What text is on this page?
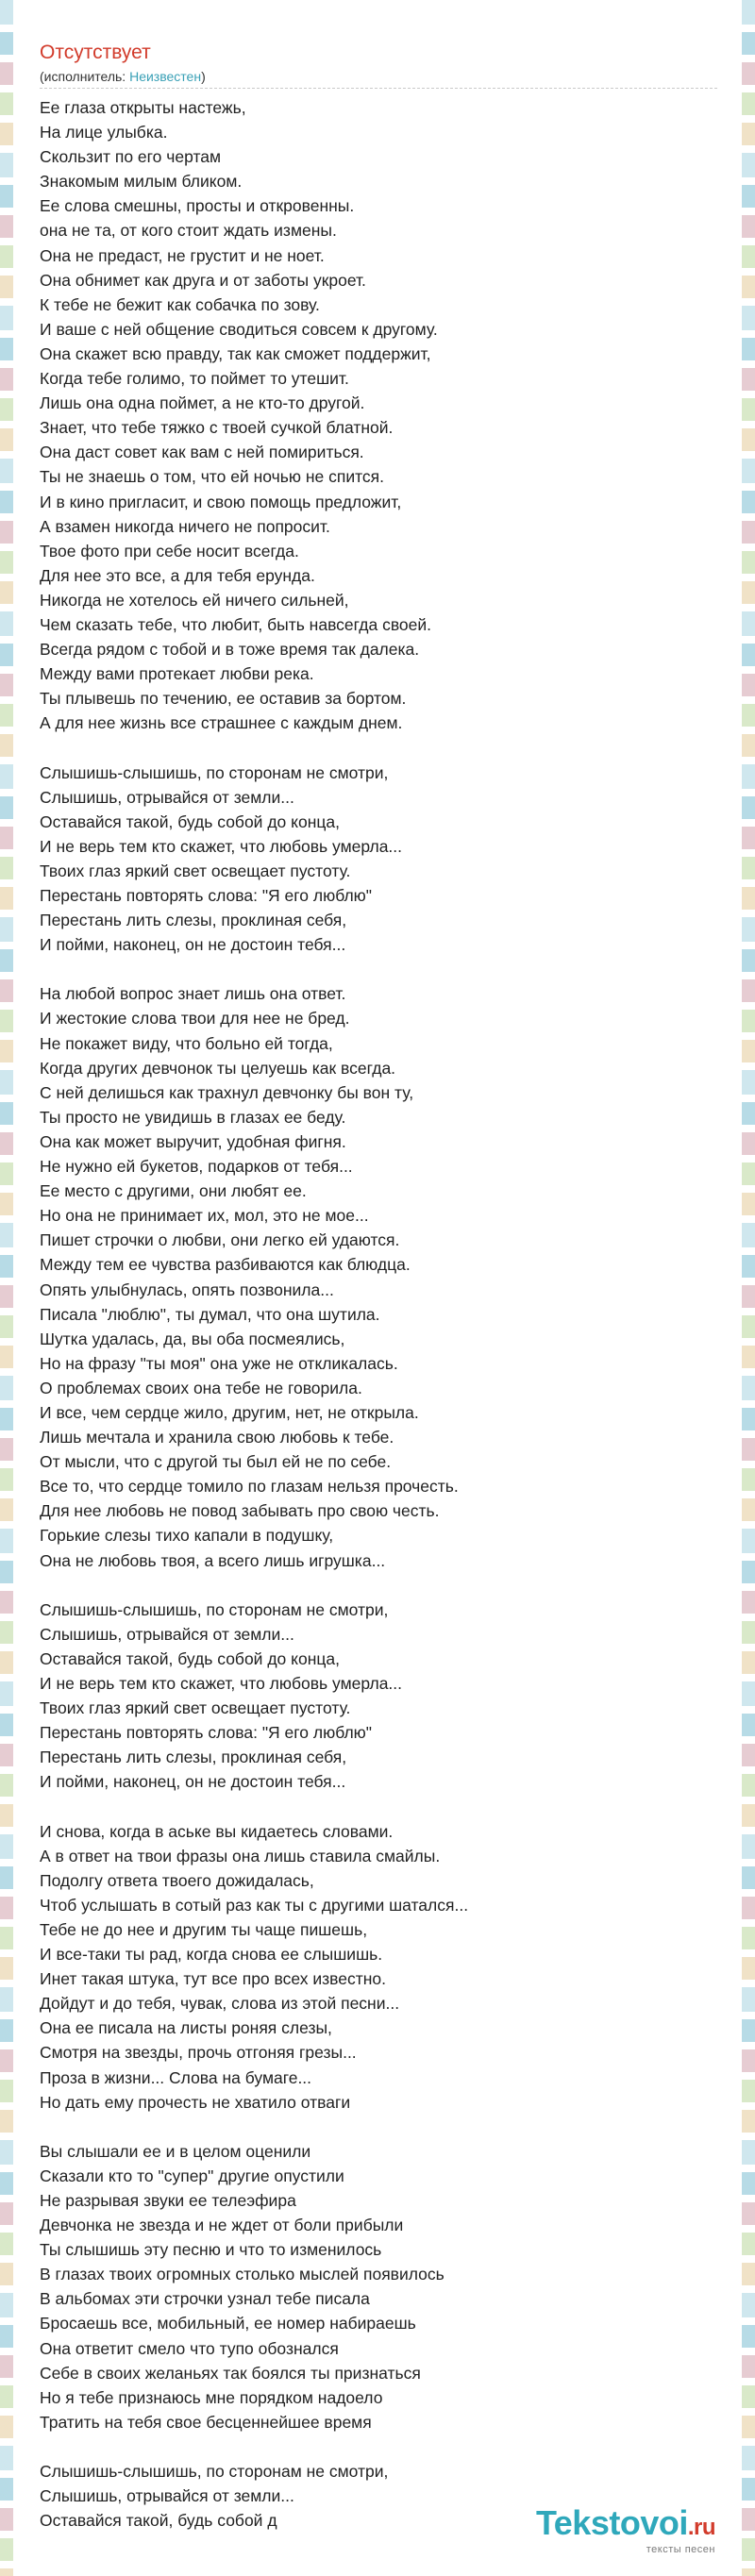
Отсутствует
(исполнитель: Неизвестен)
Ее глаза открыты настежь,
На лице улыбка.
Скользит по его чертам
Знакомым милым бликом.
Ее слова смешны, просты и откровенны.
она не та, от кого стоит ждать измены.
Она не предаст, не грустит и не ноет.
Она обнимет как друга и от заботы укроет.
К тебе не бежит как собачка по зову.
И ваше с ней общение сводиться совсем к другому.
Она скажет всю правду, так как сможет поддержит,
Когда тебе голимо, то поймет то утешит.
Лишь она одна поймет, а не кто-то другой.
Знает, что тебе тяжко с твоей сучкой блатной.
Она даст совет как вам с ней помириться.
Ты не знаешь о том, что ей ночью не спится.
И в кино пригласит, и свою помощь предложит,
А взамен никогда ничего не попросит.
Твое фото при себе носит всегда.
Для нее это все, а для тебя ерунда.
Никогда не хотелось ей ничего сильней,
Чем сказать тебе, что любит, быть навсегда своей.
Всегда рядом с тобой и в тоже время так далека.
Между вами протекает любви река.
Ты плывешь по течению, ее оставив за бортом.
А для нее жизнь все страшнее с каждым днем.

Слышишь-слышишь, по сторонам не смотри,
Слышишь, отрывайся от земли...
Оставайся такой, будь собой до конца,
И не верь тем кто скажет, что любовь умерла...
Твоих глаз яркий свет освещает пустоту.
Перестань повторять слова: "Я его люблю"
Перестань лить слезы, проклиная себя,
И пойми, наконец, он не достоин тебя...

На любой вопрос знает лишь она ответ.
И жестокие слова твои для нее не бред.
Не покажет виду, что больно ей тогда,
Когда других девчонок ты целуешь как всегда.
С ней делишься как трахнул девчонку бы вон ту,
Ты просто не увидишь в глазах ее беду.
Она как может выручит, удобная фигня.
Не нужно ей букетов, подарков от тебя...
Ее место с другими, они любят ее.
Но она не принимает их, мол, это не мое...
Пишет строчки о любви, они легко ей удаются.
Между тем ее чувства разбиваются как блюдца.
Опять улыбнулась, опять позвонила...
Писала "люблю", ты думал, что она шутила.
Шутка удалась, да, вы оба посмеялись,
Но на фразу "ты моя" она уже не откликалась.
О проблемах своих она тебе не говорила.
И все, чем сердце жило, другим, нет, не открыла.
Лишь мечтала и хранила свою любовь к тебе.
От мысли, что с другой ты был ей не по себе.
Все то, что сердце томило по глазам нельзя прочесть.
Для нее любовь не повод забывать про свою честь.
Горькие слезы тихо капали в подушку,
Она не любовь твоя, а всего лишь игрушка...

Слышишь-слышишь, по сторонам не смотри,
Слышишь, отрывайся от земли...
Оставайся такой, будь собой до конца,
И не верь тем кто скажет, что любовь умерла...
Твоих глаз яркий свет освещает пустоту.
Перестань повторять слова: "Я его люблю"
Перестань лить слезы, проклиная себя,
И пойми, наконец, он не достоин тебя...

И снова, когда в аське вы кидаетесь словами.
А в ответ на твои фразы она лишь ставила смайлы.
Подолгу ответа твоего дожидалась,
Чтоб услышать в сотый раз как ты с другими шатался...
Тебе не до нее и другим ты чаще пишешь,
И все-таки ты рад, когда снова ее слышишь.
Инет такая штука, тут все про всех известно.
Дойдут и до тебя, чувак, слова из этой песни...
Она ее писала на листы роняя слезы,
Смотря на звезды, прочь отгоняя грезы...
Проза в жизни... Слова на бумаге...
Но дать ему прочесть не хватило отваги

Вы слышали ее и в целом оценили
Сказали кто то "супер" другие опустили
Не разрывая звуки ее телеэфира
Девчонка не звезда и не ждет от боли прибыли
Ты слышишь эту песню и что то изменилось
В глазах твоих огромных столько мыслей появилось
В альбомах эти строчки узнал тебе писала
Бросаешь все, мобильный, ее номер набираешь
Она ответит смело что тупо обознался
Себе в своих желаньях так боялся ты признаться
Но я тебе признаюсь мне порядком надоело
Тратить на тебя свое бесценнейшее время

Слышишь-слышишь, по сторонам не смотри,
Слышишь, отрывайся от земли...
Оставайся такой, будь собой д	Tekstovoi.ru
тексты песен
